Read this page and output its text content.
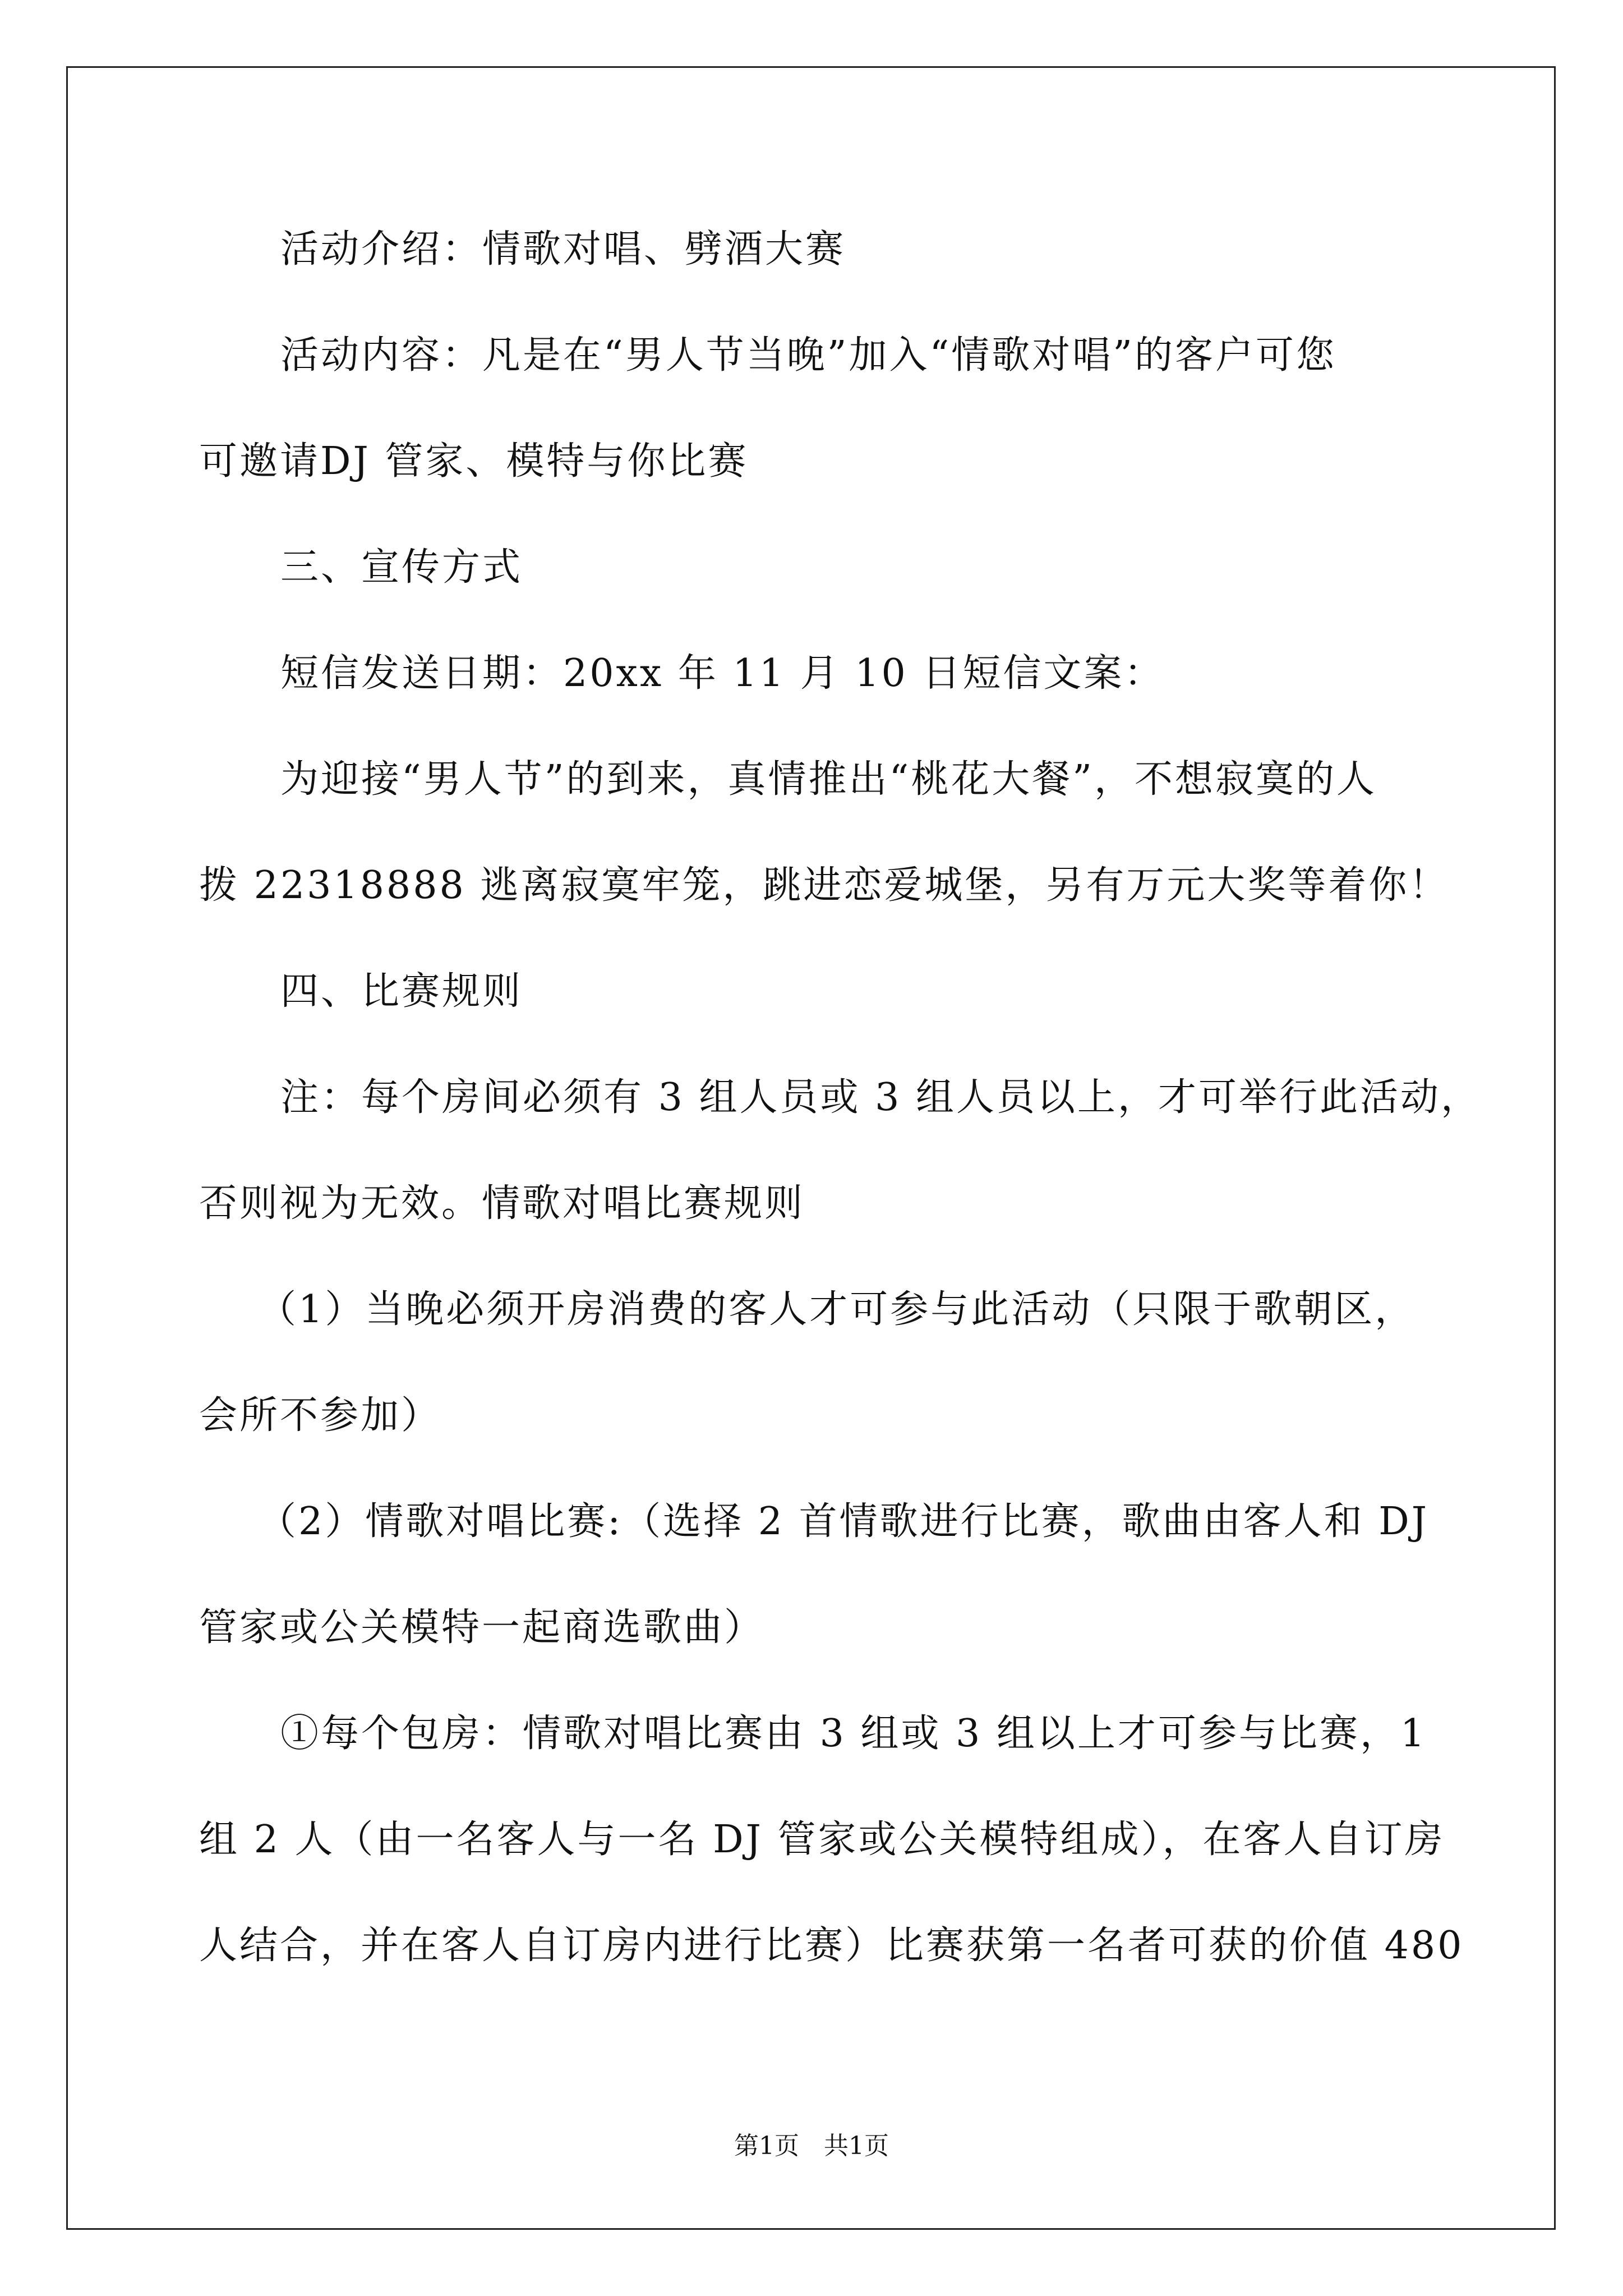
活动介绍：情歌对唱、劈酒大赛
活动内容：凡是在“男人节当晚”加入“情歌对唱”的客户可您
可邀请DJ 管家、模特与你比赛
三、宣传方式
短信发送日期：20xx 年 11 月 10 日短信文案：
为迎接“男人节”的到来，真情推出“桃花大餐”，不想寂寞的人
拨 22318888 逃离寂寞牢笼，跳进恋爱城堡，另有万元大奖等着你！
四、比赛规则
注：每个房间必须有 3 组人员或 3 组人员以上，才可举行此活动，
否则视为无效。情歌对唱比赛规则
（1）当晚必须开房消费的客人才可参与此活动（只限于歌朝区，
会所不参加）
（2）情歌对唱比赛:（选择 2 首情歌进行比赛，歌曲由客人和 DJ
管家或公关模特一起商选歌曲）
①每个包房：情歌对唱比赛由 3 组或 3 组以上才可参与比赛，1
组 2 人（由一名客人与一名 DJ 管家或公关模特组成），在客人自订房
人结合，并在客人自订房内进行比赛）比赛获第一名者可获的价值 480
第1页　共1页
